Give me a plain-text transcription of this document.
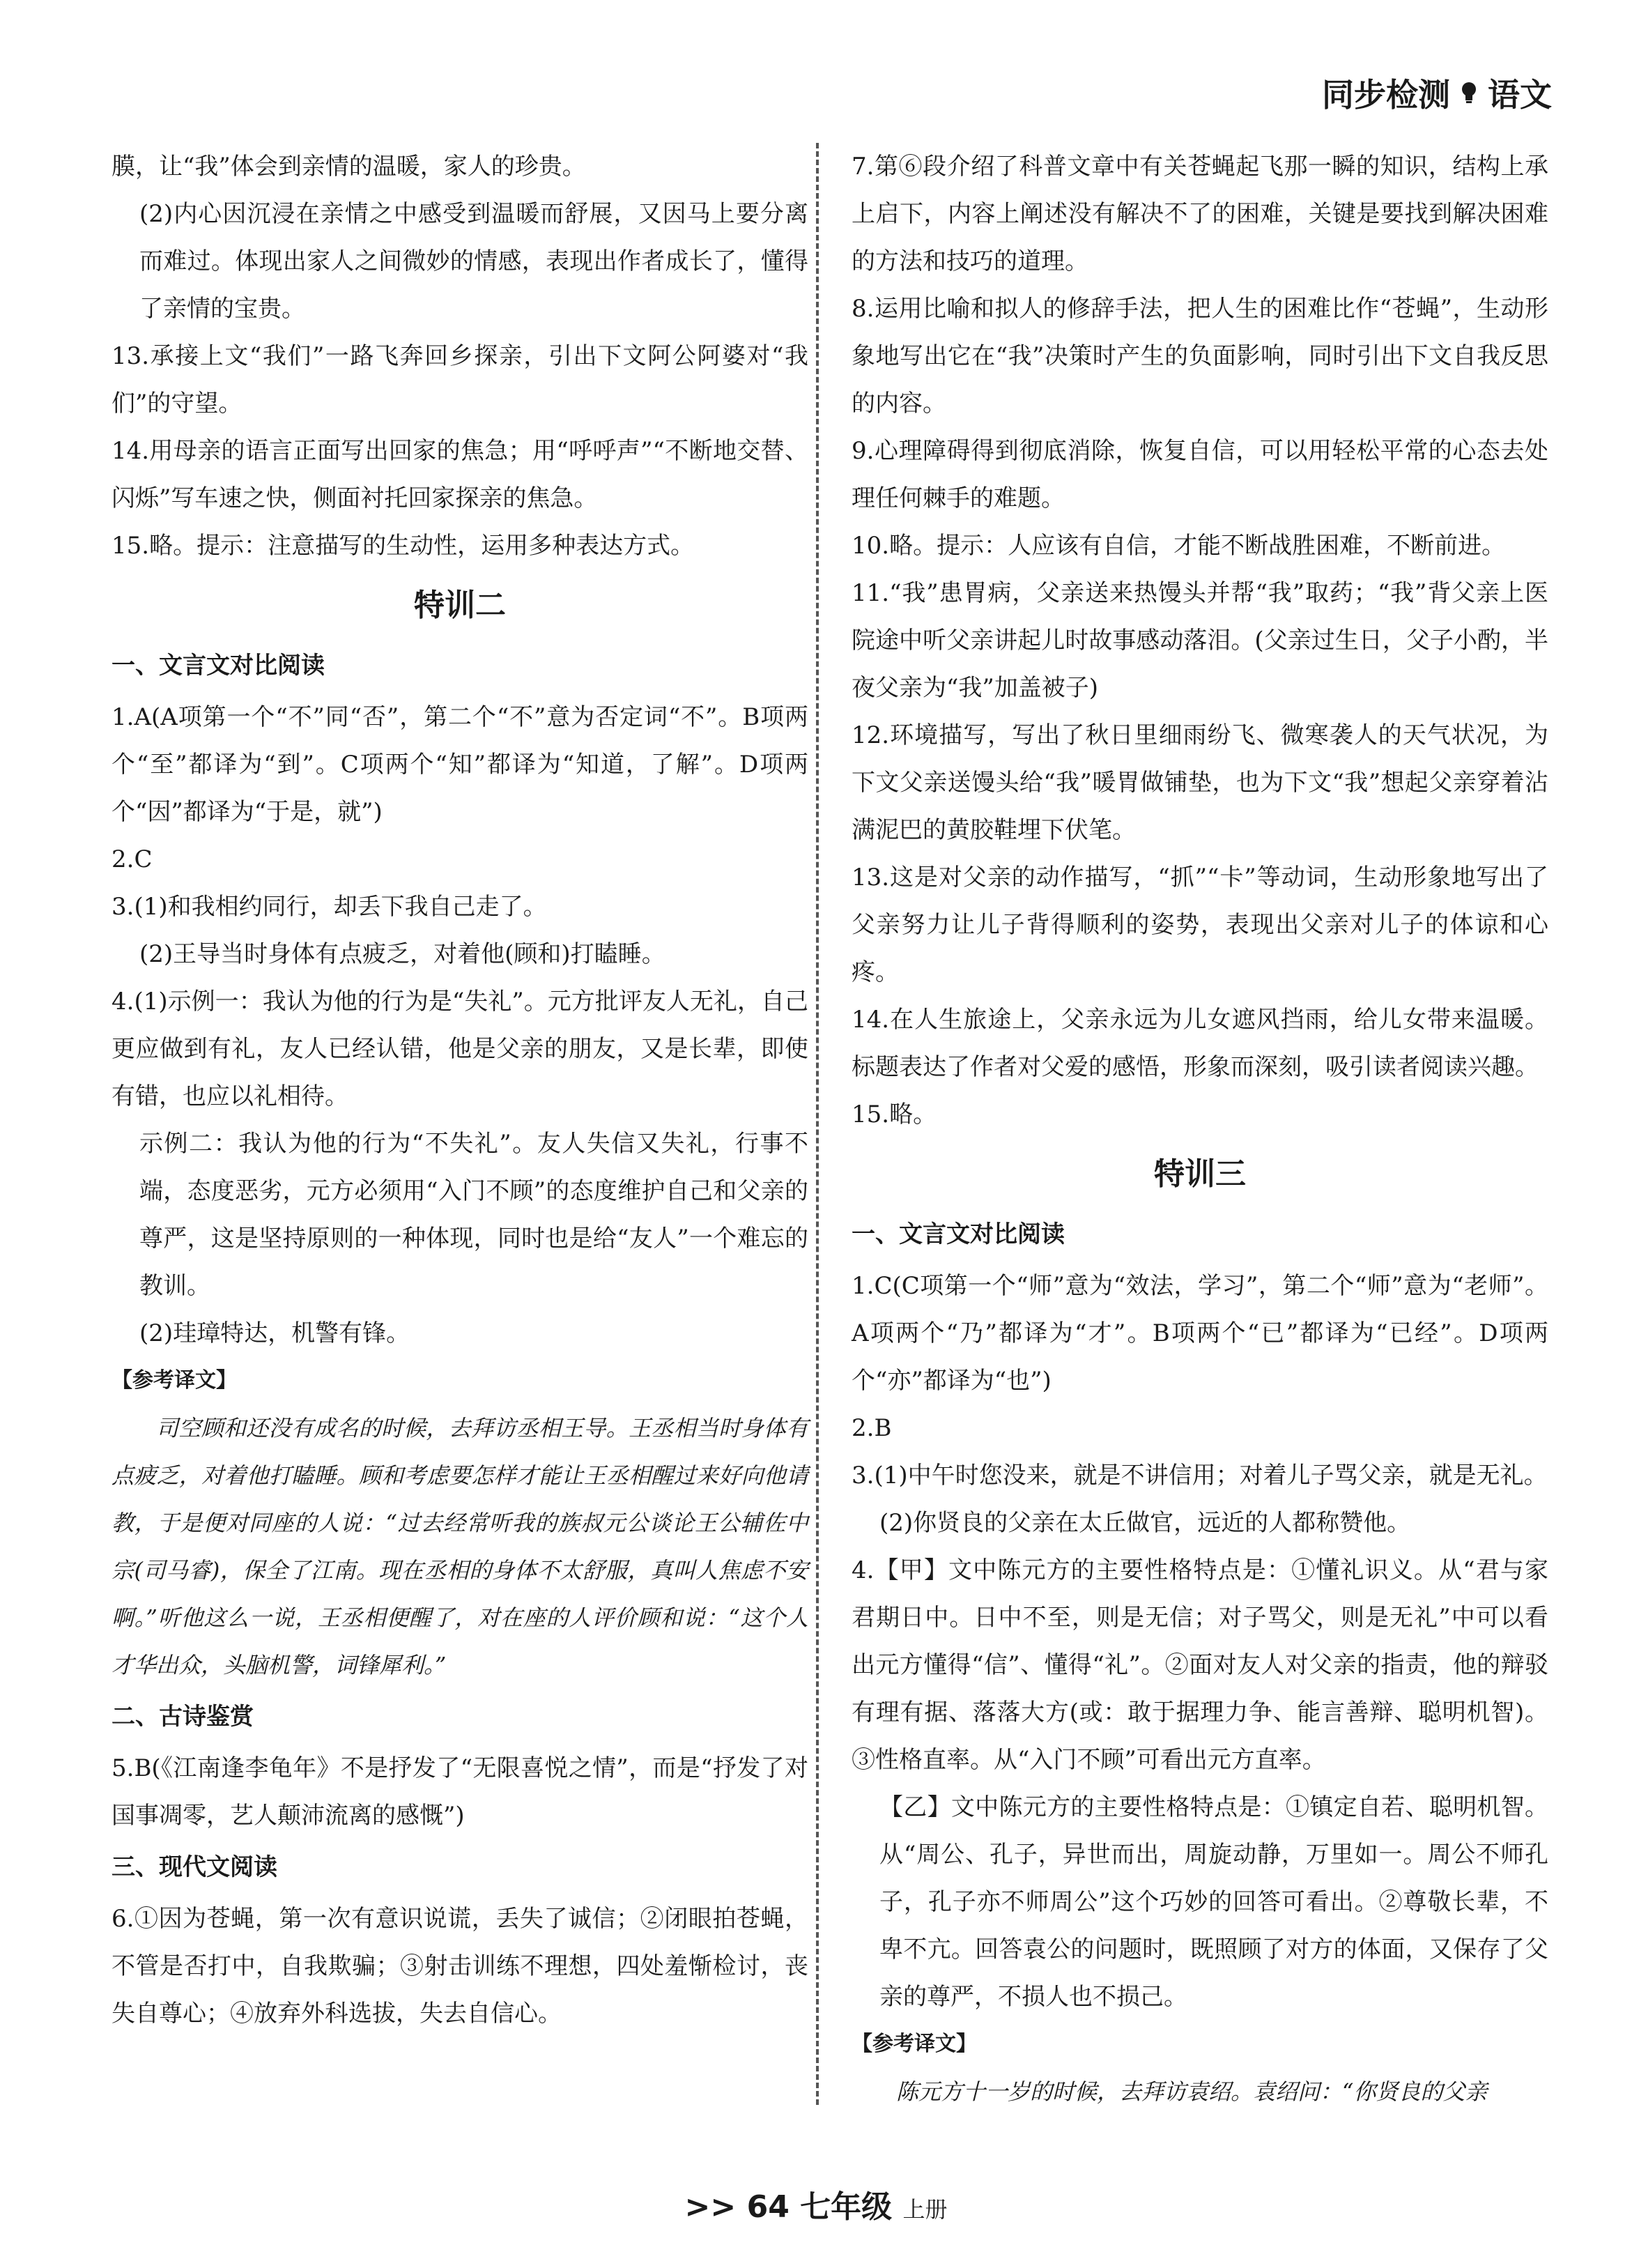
同步检测 语文

膜，让“我”体会到亲情的温暖，家人的珍贵。

(2)内心因沉浸在亲情之中感受到温暖而舒展，又因马上要分离而难过。体现出家人之间微妙的情感，表现出作者成长了，懂得了亲情的宝贵。

13.承接上文“我们”一路飞奔回乡探亲，引出下文阿公阿婆对“我们”的守望。

14.用母亲的语言正面写出回家的焦急；用“呼呼声”“不断地交替、闪烁”写车速之快，侧面衬托回家探亲的焦急。

15.略。提示：注意描写的生动性，运用多种表达方式。

特训二

一、文言文对比阅读

1.A(A项第一个“不”同“否”，第二个“不”意为否定词“不”。B项两个“至”都译为“到”。C项两个“知”都译为“知道，了解”。D项两个“因”都译为“于是，就”)

2.C

3.(1)和我相约同行，却丢下我自己走了。

(2)王导当时身体有点疲乏，对着他(顾和)打瞌睡。

4.(1)示例一：我认为他的行为是“失礼”。元方批评友人无礼，自己更应做到有礼，友人已经认错，他是父亲的朋友，又是长辈，即使有错，也应以礼相待。

示例二：我认为他的行为“不失礼”。友人失信又失礼，行事不端，态度恶劣，元方必须用“入门不顾”的态度维护自己和父亲的尊严，这是坚持原则的一种体现，同时也是给“友人”一个难忘的教训。

(2)珪璋特达，机警有锋。

【参考译文】

司空顾和还没有成名的时候，去拜访丞相王导。王丞相当时身体有点疲乏，对着他打瞌睡。顾和考虑要怎样才能让王丞相醒过来好向他请教，于是便对同座的人说：“过去经常听我的族叔元公谈论王公辅佐中宗(司马睿)，保全了江南。现在丞相的身体不太舒服，真叫人焦虑不安啊。”听他这么一说，王丞相便醒了，对在座的人评价顾和说：“这个人才华出众，头脑机警，词锋犀利。”

二、古诗鉴赏

5.B(《江南逢李龟年》不是抒发了“无限喜悦之情”，而是“抒发了对国事凋零，艺人颠沛流离的感慨”)

三、现代文阅读

6.①因为苍蝇，第一次有意识说谎，丢失了诚信；②闭眼拍苍蝇，不管是否打中，自我欺骗；③射击训练不理想，四处羞惭检讨，丧失自尊心；④放弃外科选拔，失去自信心。

7.第⑥段介绍了科普文章中有关苍蝇起飞那一瞬的知识，结构上承上启下，内容上阐述没有解决不了的困难，关键是要找到解决困难的方法和技巧的道理。

8.运用比喻和拟人的修辞手法，把人生的困难比作“苍蝇”，生动形象地写出它在“我”决策时产生的负面影响，同时引出下文自我反思的内容。

9.心理障碍得到彻底消除，恢复自信，可以用轻松平常的心态去处理任何棘手的难题。

10.略。提示：人应该有自信，才能不断战胜困难，不断前进。

11.“我”患胃病，父亲送来热馒头并帮“我”取药；“我”背父亲上医院途中听父亲讲起儿时故事感动落泪。(父亲过生日，父子小酌，半夜父亲为“我”加盖被子)

12.环境描写，写出了秋日里细雨纷飞、微寒袭人的天气状况，为下文父亲送馒头给“我”暖胃做铺垫，也为下文“我”想起父亲穿着沾满泥巴的黄胶鞋埋下伏笔。

13.这是对父亲的动作描写，“抓”“卡”等动词，生动形象地写出了父亲努力让儿子背得顺利的姿势，表现出父亲对儿子的体谅和心疼。

14.在人生旅途上，父亲永远为儿女遮风挡雨，给儿女带来温暖。标题表达了作者对父爱的感悟，形象而深刻，吸引读者阅读兴趣。

15.略。

特训三

一、文言文对比阅读

1.C(C项第一个“师”意为“效法，学习”，第二个“师”意为“老师”。A项两个“乃”都译为“才”。B项两个“已”都译为“已经”。D项两个“亦”都译为“也”)

2.B

3.(1)中午时您没来，就是不讲信用；对着儿子骂父亲，就是无礼。

(2)你贤良的父亲在太丘做官，远近的人都称赞他。

4.【甲】文中陈元方的主要性格特点是：①懂礼识义。从“君与家君期日中。日中不至，则是无信；对子骂父，则是无礼”中可以看出元方懂得“信”、懂得“礼”。②面对友人对父亲的指责，他的辩驳有理有据、落落大方(或：敢于据理力争、能言善辩、聪明机智)。③性格直率。从“入门不顾”可看出元方直率。

【乙】文中陈元方的主要性格特点是：①镇定自若、聪明机智。从“周公、孔子，异世而出，周旋动静，万里如一。周公不师孔子，孔子亦不师周公”这个巧妙的回答可看出。②尊敬长辈，不卑不亢。回答袁公的问题时，既照顾了对方的体面，又保存了父亲的尊严，不损人也不损己。

【参考译文】

陈元方十一岁的时候，去拜访袁绍。袁绍问：“你贤良的父亲

>> 64 七年级 上册
